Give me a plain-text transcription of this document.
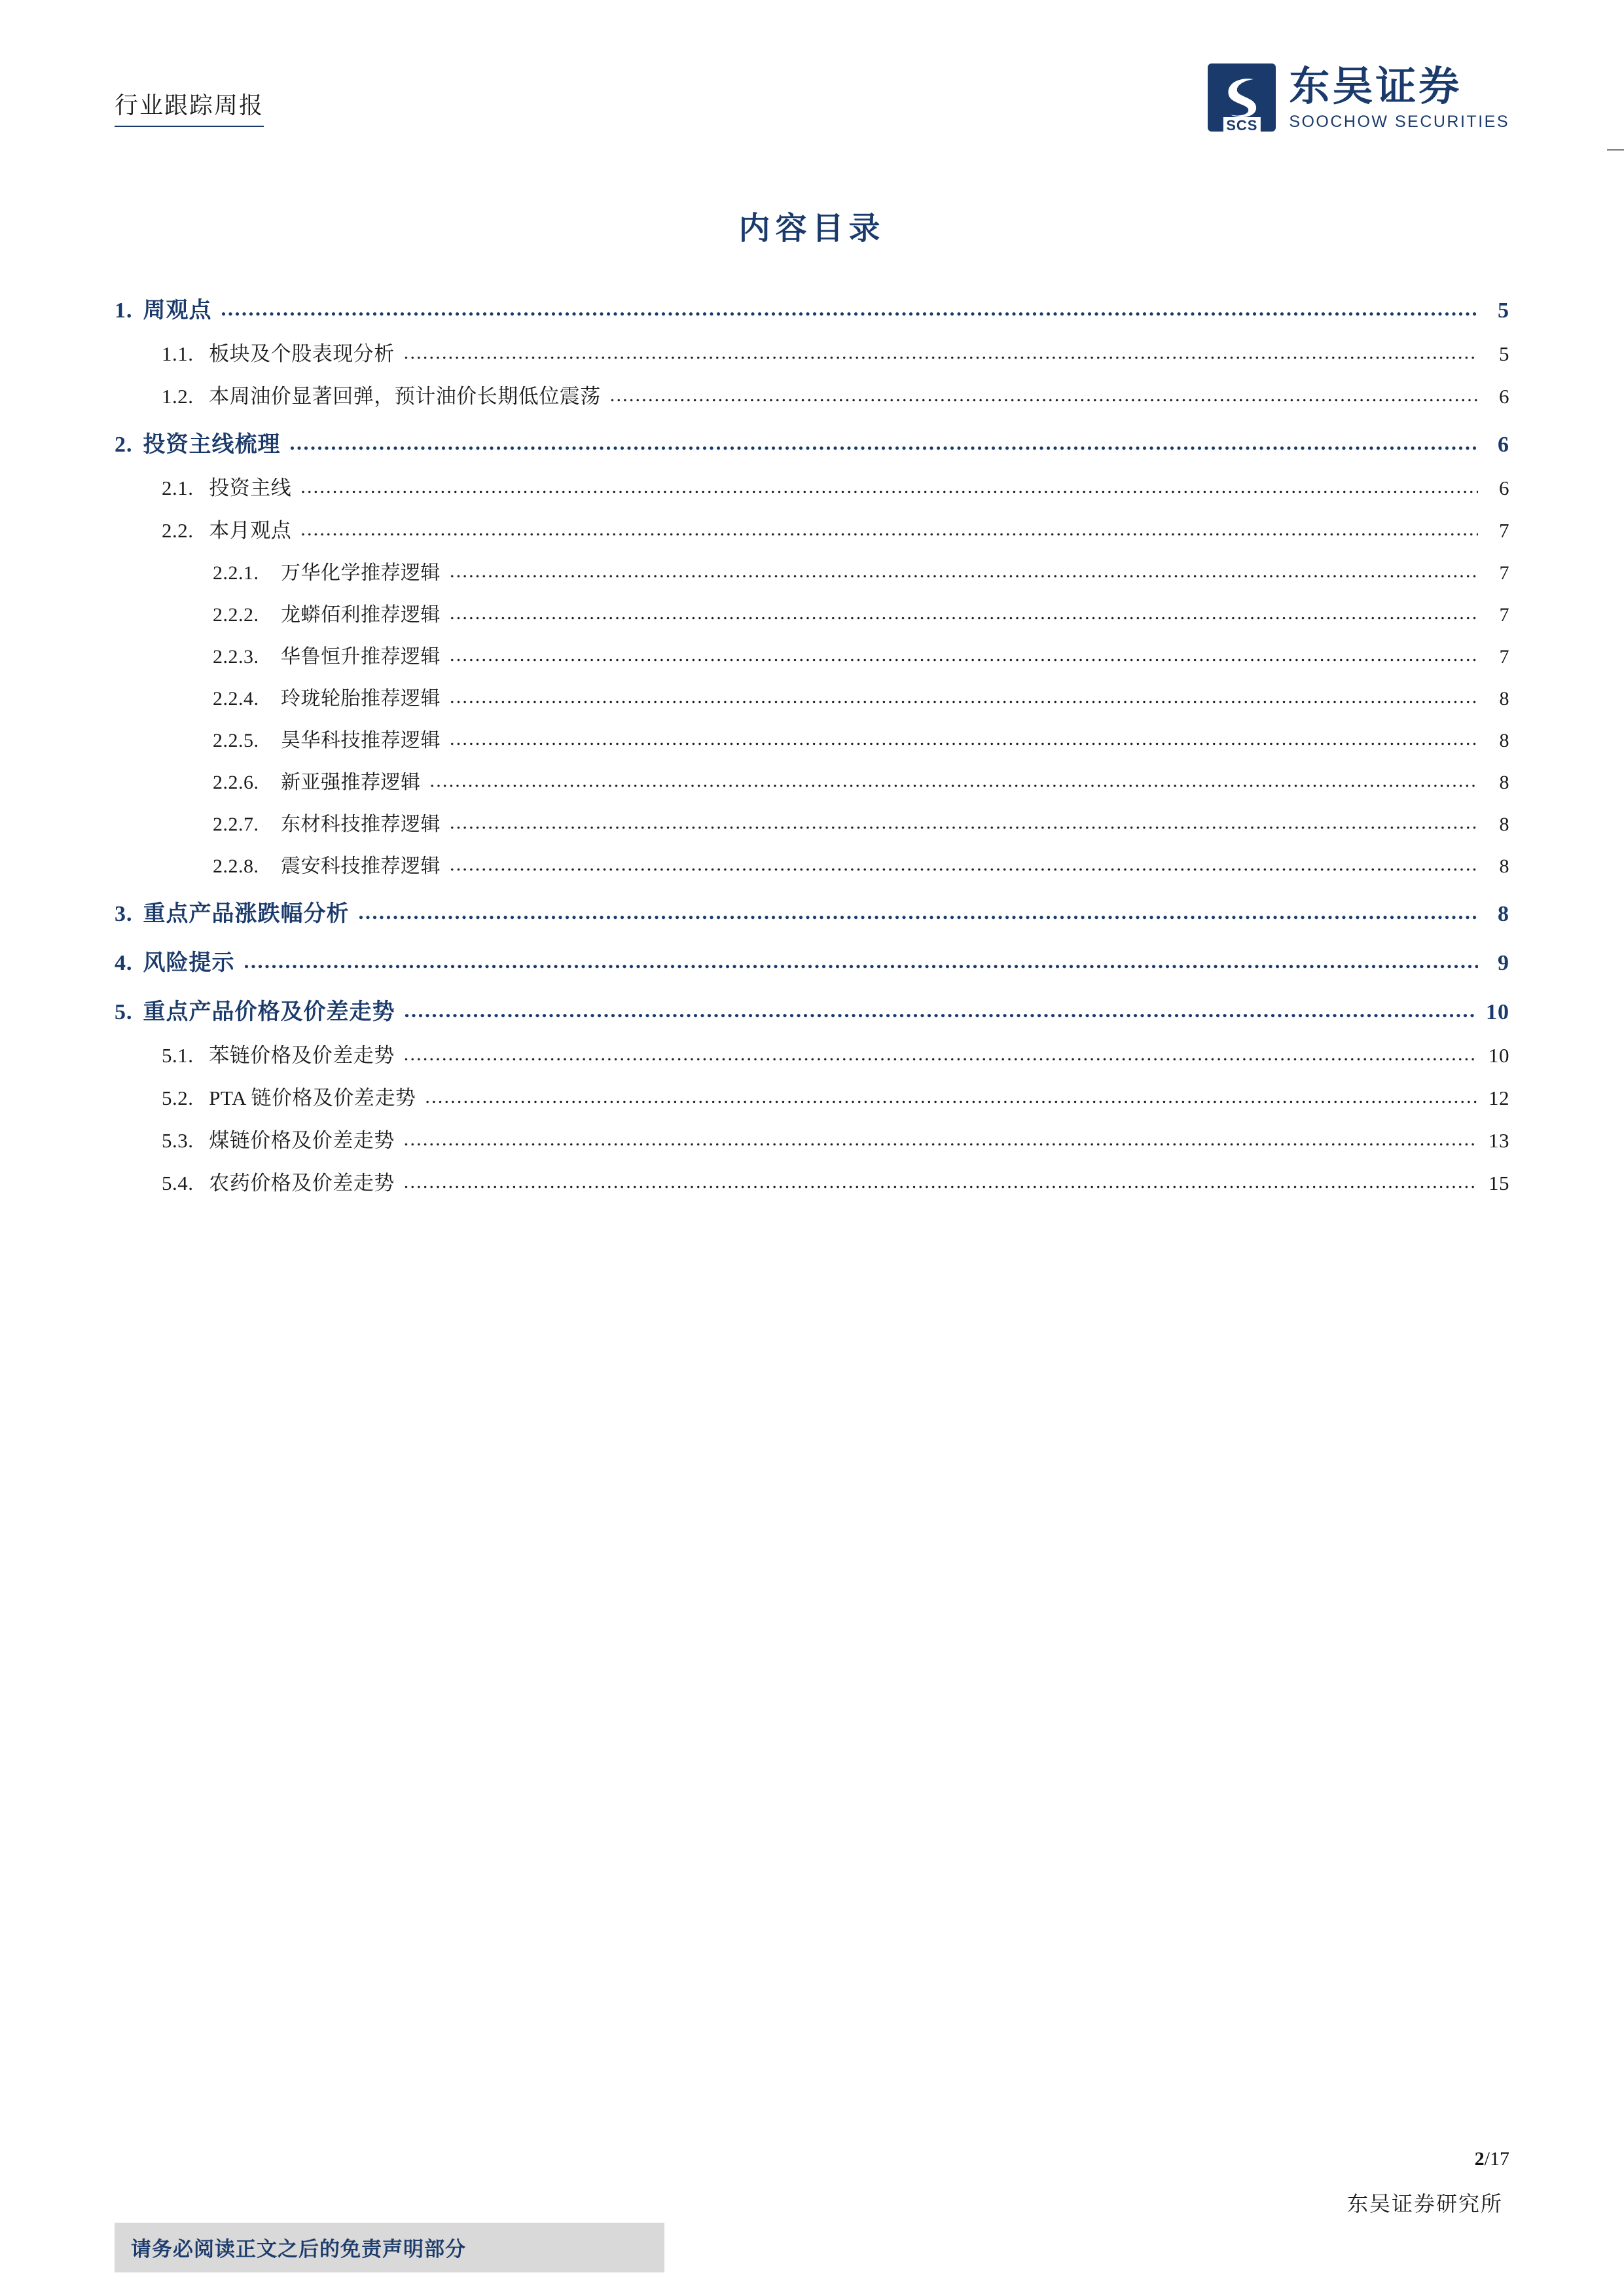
行业跟踪周报
SCS
东吴证券
SOOCHOW SECURITIES
内容目录
1. 周观点 .....	5
1.1. 板块及个股表现分析 .....	5
1.2. 本周油价显著回弹，预计油价长期低位震荡 .....	6
2. 投资主线梳理 .....	6
2.1. 投资主线 .....	6
2.2. 本月观点 .....	7
2.2.1. 万华化学推荐逻辑 .....	7
2.2.2. 龙蟒佰利推荐逻辑 .....	7
2.2.3. 华鲁恒升推荐逻辑 .....	7
2.2.4. 玲珑轮胎推荐逻辑 .....	8
2.2.5. 昊华科技推荐逻辑 .....	8
2.2.6. 新亚强推荐逻辑 .....	8
2.2.7. 东材科技推荐逻辑 .....	8
2.2.8. 震安科技推荐逻辑 .....	8
3. 重点产品涨跌幅分析 .....	8
4. 风险提示 .....	9
5. 重点产品价格及价差走势 .....	10
5.1. 苯链价格及价差走势 .....	10
5.2. PTA 链价格及价差走势 .....	12
5.3. 煤链价格及价差走势 .....	13
5.4. 农药价格及价差走势 .....	15
2/17
东吴证券研究所
请务必阅读正文之后的免责声明部分
